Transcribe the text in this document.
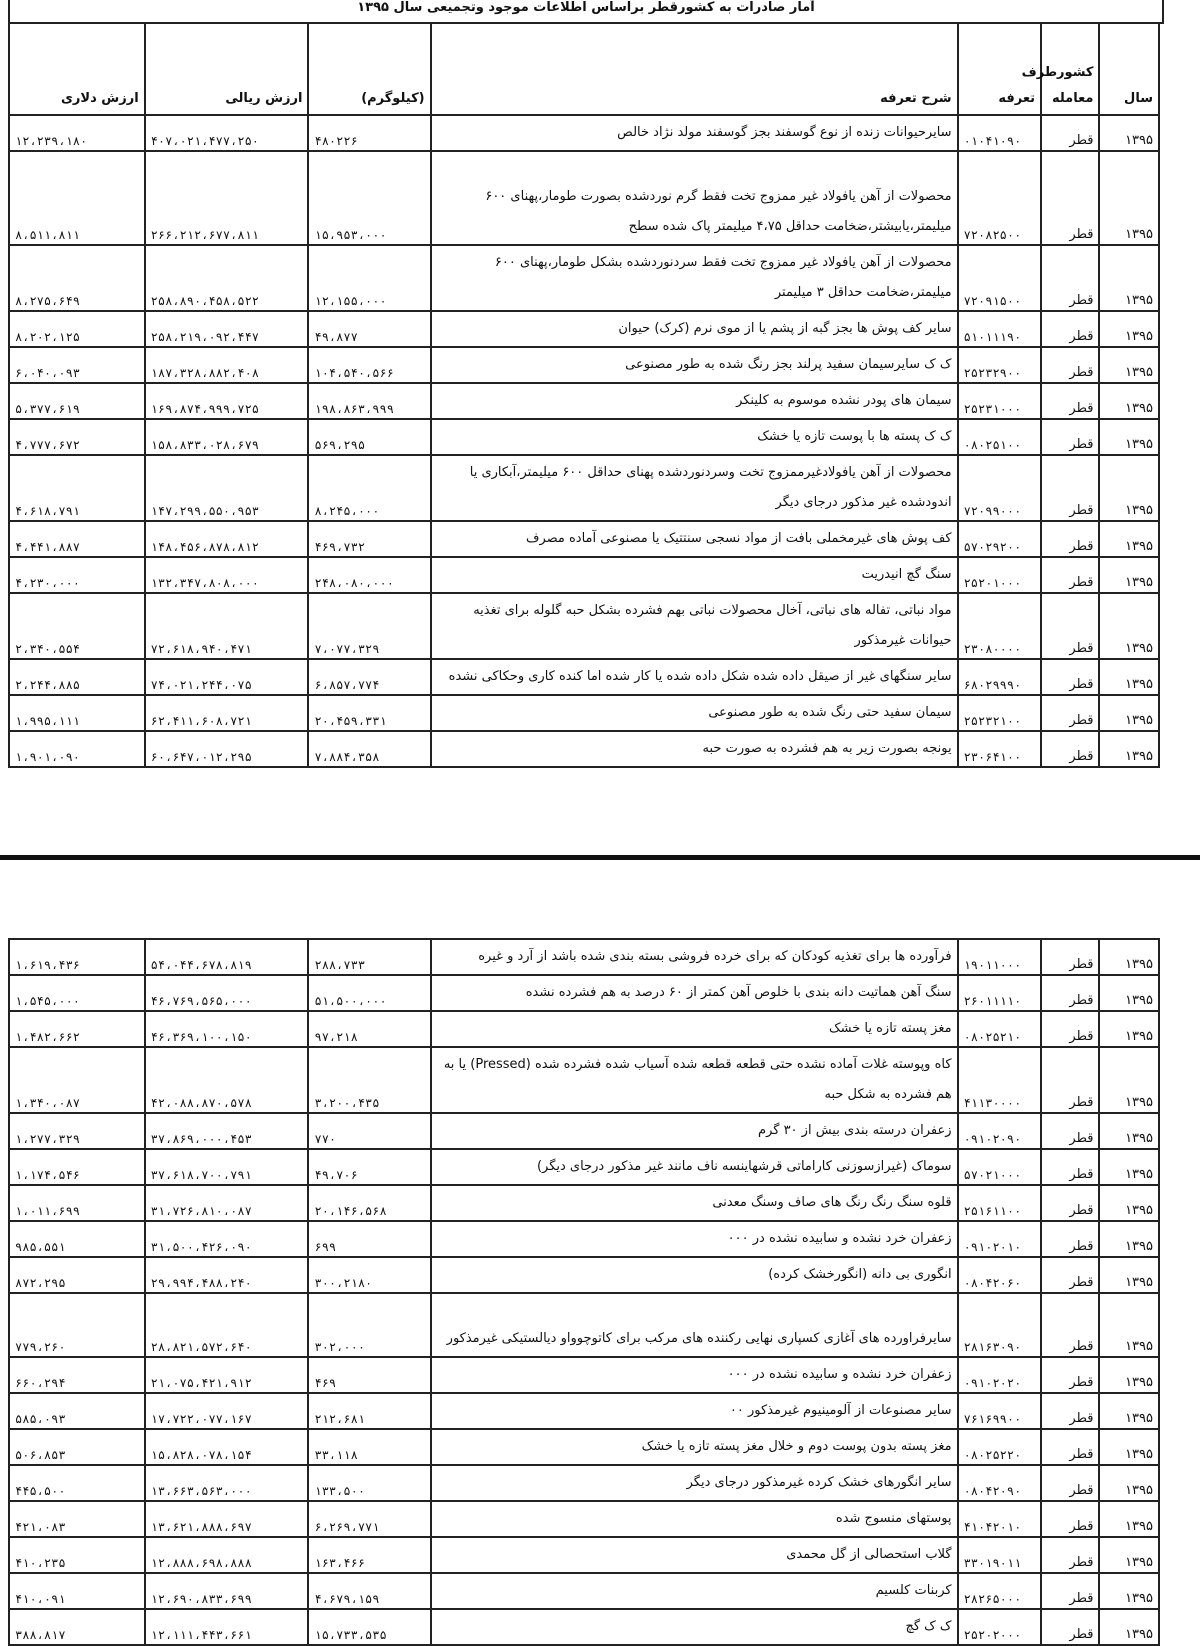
آمار صادرات به کشورقطر براساس اطلاعات موجود وتجمیعی سال ۱۳۹۵
ارزش دلاری	ارزش ریالی	(کیلوگرم)	شرح تعرفه	تعرفه	کشورطرف معامله	سال
۱۲،۲۳۹،۱۸۰	۴۰۷،۰۲۱،۴۷۷،۲۵۰	۴۸۰۲۲۶	سایرحیوانات زنده از نوع گوسفند بجز گوسفند مولد نژاد خالص	۰۱۰۴۱۰۹۰	قطر	۱۳۹۵
۸،۵۱۱،۸۱۱	۲۶۶،۲۱۲،۶۷۷،۸۱۱	۱۵،۹۵۳،۰۰۰	محصولات از آهن یافولاد غیر ممزوج تخت فقط گرم نوردشده بصورت طومار،پهنای ۶۰۰ میلیمتر،یابیشتر،ضخامت حداقل ۴،۷۵ میلیمتر پاک شده سطح	۷۲۰۸۲۵۰۰	قطر	۱۳۹۵
۸،۲۷۵،۶۴۹	۲۵۸،۸۹۰،۴۵۸،۵۲۲	۱۲،۱۵۵،۰۰۰	محصولات از آهن یافولاد غیر ممزوج تخت فقط سردنوردشده بشکل طومار،پهنای ۶۰۰ میلیمتر،ضخامت حداقل ۳ میلیمتر	۷۲۰۹۱۵۰۰	قطر	۱۳۹۵
۸،۲۰۲،۱۲۵	۲۵۸،۲۱۹،۰۹۲،۴۴۷	۴۹،۸۷۷	سایر کف پوش ها بجز گبه از پشم یا از موی نرم (کرک) حیوان	۵۱۰۱۱۱۹۰	قطر	۱۳۹۵
۶،۰۴۰،۰۹۳	۱۸۷،۳۲۸،۸۸۲،۴۰۸	۱۰۴،۵۴۰،۵۶۶	ک ک سایرسیمان سفید پرلند بجز رنگ شده به طور مصنوعی	۲۵۲۳۲۹۰۰	قطر	۱۳۹۵
۵،۳۷۷،۶۱۹	۱۶۹،۸۷۴،۹۹۹،۷۲۵	۱۹۸،۸۶۳،۹۹۹	سیمان های پودر نشده موسوم به کلینکر	۲۵۲۳۱۰۰۰	قطر	۱۳۹۵
۴،۷۷۷،۶۷۲	۱۵۸،۸۳۳،۰۲۸،۶۷۹	۵۶۹،۲۹۵	ک ک پسته ها با پوست تازه یا خشک	۰۸۰۲۵۱۰۰	قطر	۱۳۹۵
۴،۶۱۸،۷۹۱	۱۴۷،۲۹۹،۵۵۰،۹۵۳	۸،۲۴۵،۰۰۰	محصولات از آهن یافولادغیرممزوج تخت وسردنوردشده پهنای حداقل ۶۰۰ میلیمتر،آبکاری یا اندودشده غیر مذکور درجای دیگر	۷۲۰۹۹۰۰۰	قطر	۱۳۹۵
۴،۴۴۱،۸۸۷	۱۴۸،۴۵۶،۸۷۸،۸۱۲	۴۶۹،۷۳۲	کف پوش های غیرمخملی بافت از مواد نسجی سنتتیک یا مصنوعی آماده مصرف	۵۷۰۲۹۲۰۰	قطر	۱۳۹۵
۴،۲۳۰،۰۰۰	۱۳۲،۳۴۷،۸۰۸،۰۰۰	۲۴۸،۰۸۰،۰۰۰	سنگ گچ انیدریت	۲۵۲۰۱۰۰۰	قطر	۱۳۹۵
۲،۳۴۰،۵۵۴	۷۲،۶۱۸،۹۴۰،۴۷۱	۷،۰۷۷،۳۲۹	مواد نباتی، تفاله های نباتی، آخال محصولات نباتی بهم فشرده بشکل حبه گلوله برای تغذیه حیوانات غیرمذکور	۲۳۰۸۰۰۰۰	قطر	۱۳۹۵
۲،۲۴۴،۸۸۵	۷۴،۰۲۱،۲۴۴،۰۷۵	۶،۸۵۷،۷۷۴	سایر سنگهای غیر از صیقل داده شده شکل داده شده یا کار شده اما کنده کاری وحکاکی نشده	۶۸۰۲۹۹۹۰	قطر	۱۳۹۵
۱،۹۹۵،۱۱۱	۶۲،۴۱۱،۶۰۸،۷۲۱	۲۰،۴۵۹،۳۳۱	سیمان سفید حتی رنگ شده به طور مصنوعی	۲۵۲۳۲۱۰۰	قطر	۱۳۹۵
۱،۹۰۱،۰۹۰	۶۰،۶۴۷،۰۱۲،۲۹۵	۷،۸۸۴،۳۵۸	یونجه بصورت زیر به هم فشرده به صورت حبه	۲۳۰۶۴۱۰۰	قطر	۱۳۹۵
۱،۶۱۹،۴۳۶	۵۴،۰۴۴،۶۷۸،۸۱۹	۲۸۸،۷۳۳	فرآورده ها برای تغذیه کودکان که برای خرده فروشی بسته بندی شده باشد از آرد و غیره	۱۹۰۱۱۰۰۰	قطر	۱۳۹۵
۱،۵۴۵،۰۰۰	۴۶،۷۶۹،۵۶۵،۰۰۰	۵۱،۵۰۰،۰۰۰	سنگ آهن هماتیت دانه بندی با خلوص آهن کمتر از ۶۰ درصد به هم فشرده نشده	۲۶۰۱۱۱۱۰	قطر	۱۳۹۵
۱،۴۸۲،۶۶۲	۴۶،۳۶۹،۱۰۰،۱۵۰	۹۷،۲۱۸	مغز پسته تازه یا خشک	۰۸۰۲۵۲۱۰	قطر	۱۳۹۵
۱،۳۴۰،۰۸۷	۴۲،۰۸۸،۸۷۰،۵۷۸	۳،۲۰۰،۴۳۵	کاه وپوسته غلات آماده نشده حتی قطعه قطعه شده آسیاب شده فشرده شده (Pressed) یا به هم فشرده به شکل حبه	۴۱۱۳۰۰۰۰	قطر	۱۳۹۵
۱،۲۷۷،۳۲۹	۳۷،۸۶۹،۰۰۰،۴۵۳	۷۷۰	زعفران درسته بندی بیش از ۳۰ گرم	۰۹۱۰۲۰۹۰	قطر	۱۳۹۵
۱،۱۷۴،۵۴۶	۳۷،۶۱۸،۷۰۰،۷۹۱	۴۹،۷۰۶	سوماک (غیرازسوزنی کاراماتی قرشهاینسه ناف مانند غیر مذکور درجای دیگر)	۵۷۰۲۱۰۰۰	قطر	۱۳۹۵
۱،۰۱۱،۶۹۹	۳۱،۷۲۶،۸۱۰،۰۸۷	۲۰،۱۴۶،۵۶۸	قلوه سنگ رنگ رنگ های صاف وسنگ معدنی	۲۵۱۶۱۱۰۰	قطر	۱۳۹۵
۹۸۵،۵۵۱	۳۱،۵۰۰،۴۲۶،۰۹۰	۶۹۹	زعفران خرد نشده و سابیده نشده در ۰۰۰	۰۹۱۰۲۰۱۰	قطر	۱۳۹۵
۸۷۲،۲۹۵	۲۹،۹۹۴،۴۸۸،۲۴۰	۳۰۰،۲۱۸۰	انگوری بی دانه (انگورخشک کرده)	۰۸۰۴۲۰۶۰	قطر	۱۳۹۵
۷۷۹،۲۶۰	۲۸،۸۲۱،۵۷۲،۶۴۰	۳۰۲،۰۰۰	سایرفراورده های آغازی کسپاری نهایی رکننده های مرکب برای کاتوچوواو دیالستیکی غیرمذکور	۲۸۱۶۳۰۹۰	قطر	۱۳۹۵
۶۶۰،۲۹۴	۲۱،۰۷۵،۴۲۱،۹۱۲	۴۶۹	زعفران خرد نشده و سابیده نشده در ۰۰۰	۰۹۱۰۲۰۲۰	قطر	۱۳۹۵
۵۸۵،۰۹۳	۱۷،۷۲۲،۰۷۷،۱۶۷	۲۱۲،۶۸۱	سایر مصنوعات از آلومینیوم غیرمذکور ۰۰	۷۶۱۶۹۹۰۰	قطر	۱۳۹۵
۵۰۶،۸۵۳	۱۵،۸۲۸،۰۷۸،۱۵۴	۳۳،۱۱۸	مغز پسته بدون پوست دوم و خلال مغز پسته تازه یا خشک	۰۸۰۲۵۲۲۰	قطر	۱۳۹۵
۴۴۵،۵۰۰	۱۳،۶۶۳،۵۶۳،۰۰۰	۱۳۳،۵۰۰	سایر انگورهای خشک کرده غیرمذکور درجای دیگر	۰۸۰۴۲۰۹۰	قطر	۱۳۹۵
۴۲۱،۰۸۳	۱۳،۶۲۱،۸۸۸،۶۹۷	۶،۲۶۹،۷۷۱	پوستهای منسوج شده	۴۱۰۴۲۰۱۰	قطر	۱۳۹۵
۴۱۰،۲۳۵	۱۲،۸۸۸،۶۹۸،۸۸۸	۱۶۳،۴۶۶	گلاب استحصالی از گل محمدی	۳۳۰۱۹۰۱۱	قطر	۱۳۹۵
۴۱۰،۰۹۱	۱۲،۶۹۰،۸۳۳،۶۹۹	۴،۶۷۹،۱۵۹	کربنات کلسیم	۲۸۲۶۵۰۰۰	قطر	۱۳۹۵
۳۸۸،۸۱۷	۱۲،۱۱۱،۴۴۳،۶۶۱	۱۵،۷۳۳،۵۳۵	ک ک گچ	۲۵۲۰۲۰۰۰	قطر	۱۳۹۵
